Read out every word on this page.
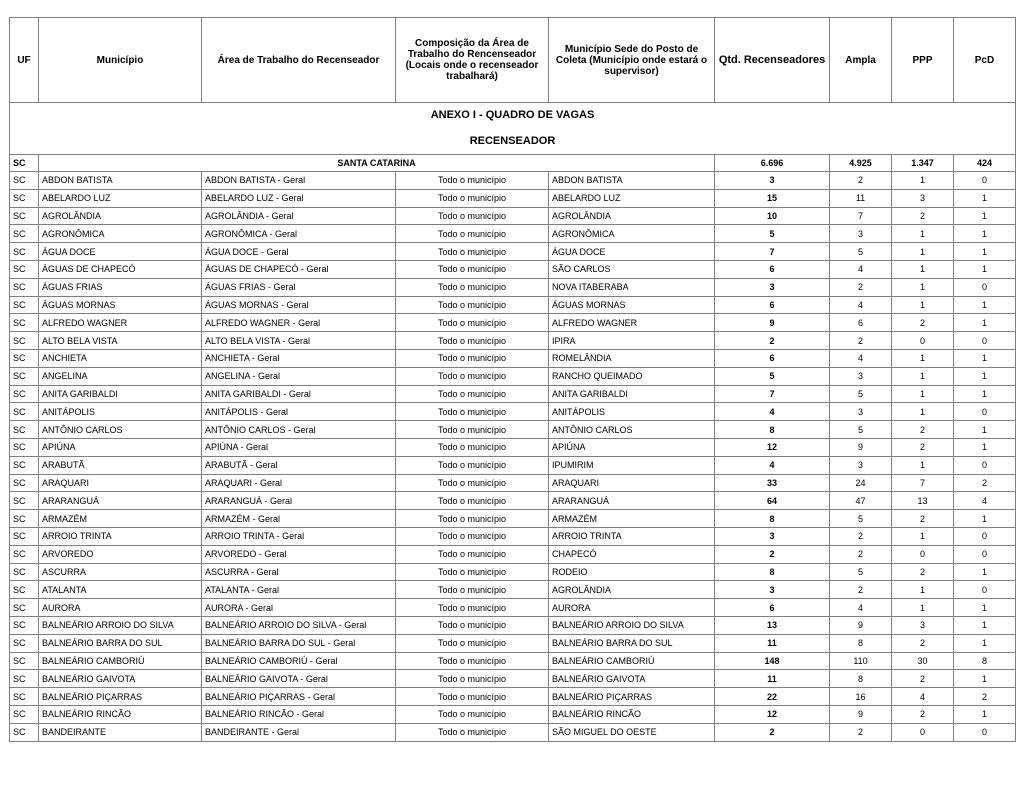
ANEXO I - QUADRO DE VAGAS								
RECENSEADOR								
UF	Município	Área de Trabalho do Recenseador	Composição da Área de Trabalho do Rencenseador (Locais onde o recenseador trabalhará)	Município Sede do Posto de Coleta (Município onde estará o supervisor)	Qtd. Recenseadores	Ampla	PPP	PcD
SC	SANTA CATARINA				6.696	4.925	1.347	424
SC	ABDON BATISTA	ABDON BATISTA - Geral	Todo o município	ABDON BATISTA	3	2	1	0
SC	ABELARDO LUZ	ABELARDO LUZ - Geral	Todo o município	ABELARDO LUZ	15	11	3	1
SC	AGROLÂNDIA	AGROLÂNDIA - Geral	Todo o município	AGROLÂNDIA	10	7	2	1
SC	AGRONÔMICA	AGRONÔMICA - Geral	Todo o município	AGRONÔMICA	5	3	1	1
SC	ÁGUA DOCE	ÁGUA DOCE - Geral	Todo o município	ÁGUA DOCE	7	5	1	1
SC	ÁGUAS DE CHAPECÓ	ÁGUAS DE CHAPECÓ - Geral	Todo o município	SÃO CARLOS	6	4	1	1
SC	ÁGUAS FRIAS	ÁGUAS FRIAS - Geral	Todo o município	NOVA ITABERABA	3	2	1	0
SC	ÁGUAS MORNAS	ÁGUAS MORNAS - Geral	Todo o município	ÁGUAS MORNAS	6	4	1	1
SC	ALFREDO WAGNER	ALFREDO WAGNER - Geral	Todo o município	ALFREDO WAGNER	9	6	2	1
SC	ALTO BELA VISTA	ALTO BELA VISTA - Geral	Todo o município	IPIRA	2	2	0	0
SC	ANCHIETA	ANCHIETA - Geral	Todo o município	ROMELÂNDIA	6	4	1	1
SC	ANGELINA	ANGELINA - Geral	Todo o município	RANCHO QUEIMADO	5	3	1	1
SC	ANITA GARIBALDI	ANITA GARIBALDI - Geral	Todo o município	ANITA GARIBALDI	7	5	1	1
SC	ANITÁPOLIS	ANITÁPOLIS - Geral	Todo o município	ANITÁPOLIS	4	3	1	0
SC	ANTÔNIO CARLOS	ANTÔNIO CARLOS - Geral	Todo o município	ANTÔNIO CARLOS	8	5	2	1
SC	APIÚNA	APIÚNA - Geral	Todo o município	APIÚNA	12	9	2	1
SC	ARABUTÃ	ARABUTÃ - Geral	Todo o município	IPUMIRIM	4	3	1	0
SC	ARAQUARI	ARAQUARI - Geral	Todo o município	ARAQUARI	33	24	7	2
SC	ARARANGUÁ	ARARANGUÁ - Geral	Todo o município	ARARANGUÁ	64	47	13	4
SC	ARMAZÉM	ARMAZÉM - Geral	Todo o município	ARMAZÉM	8	5	2	1
SC	ARROIO TRINTA	ARROIO TRINTA - Geral	Todo o município	ARROIO TRINTA	3	2	1	0
SC	ARVOREDO	ARVOREDO - Geral	Todo o município	CHAPECÓ	2	2	0	0
SC	ASCURRA	ASCURRA - Geral	Todo o município	RODEIO	8	5	2	1
SC	ATALANTA	ATALANTA - Geral	Todo o município	AGROLÂNDIA	3	2	1	0
SC	AURORA	AURORA - Geral	Todo o município	AURORA	6	4	1	1
SC	BALNEÁRIO ARROIO DO SILVA	BALNEÁRIO ARROIO DO SILVA - Geral	Todo o município	BALNEÁRIO ARROIO DO SILVA	13	9	3	1
SC	BALNEÁRIO BARRA DO SUL	BALNEÁRIO BARRA DO SUL - Geral	Todo o município	BALNEÁRIO BARRA DO SUL	11	8	2	1
SC	BALNEÁRIO CAMBORIÚ	BALNEÁRIO CAMBORIÚ - Geral	Todo o município	BALNEÁRIO CAMBORIÚ	148	110	30	8
SC	BALNEÁRIO GAIVOTA	BALNEÁRIO GAIVOTA - Geral	Todo o município	BALNEÁRIO GAIVOTA	11	8	2	1
SC	BALNEÁRIO PIÇARRAS	BALNEÁRIO PIÇARRAS - Geral	Todo o município	BALNEÁRIO PIÇARRAS	22	16	4	2
SC	BALNEÁRIO RINCÃO	BALNEÁRIO RINCÃO - Geral	Todo o município	BALNEÁRIO RINCÃO	12	9	2	1
SC	BANDEIRANTE	BANDEIRANTE - Geral	Todo o município	SÃO MIGUEL DO OESTE	2	2	0	0
